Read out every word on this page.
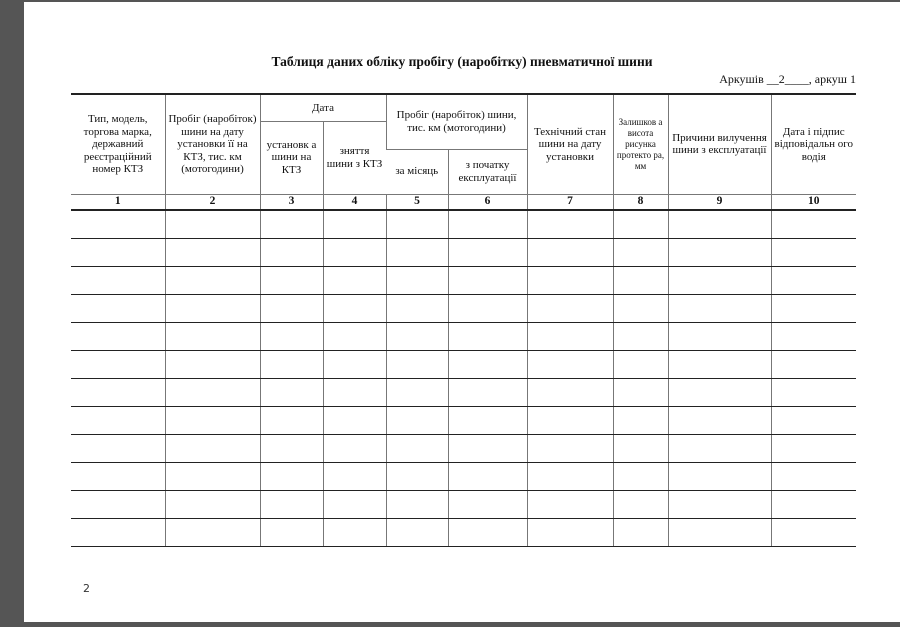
Таблиця даних обліку пробігу (наробітку) пневматичної шини
Аркушів __2____, аркуш 1
Тип, модель, торгова марка, державний реєстраційний номер КТЗ	Пробіг (наробіток) шини на дату установки її на КТЗ, тис. км (мотогодини)	Дата		Пробіг (наробіток) шини, тис. км (мотогодини)		Технічний стан шини на дату установки	Залишков а висота рисунка протекто ра, мм	Причини вилучення шини з експлуатації	Дата і підпис відповідальн ого водія
		установк а шини на КТЗ	зняття шини з КТЗ						
				за місяць	з початку експлуатації				
1	2	3	4	5	6	7	8	9	10

2
